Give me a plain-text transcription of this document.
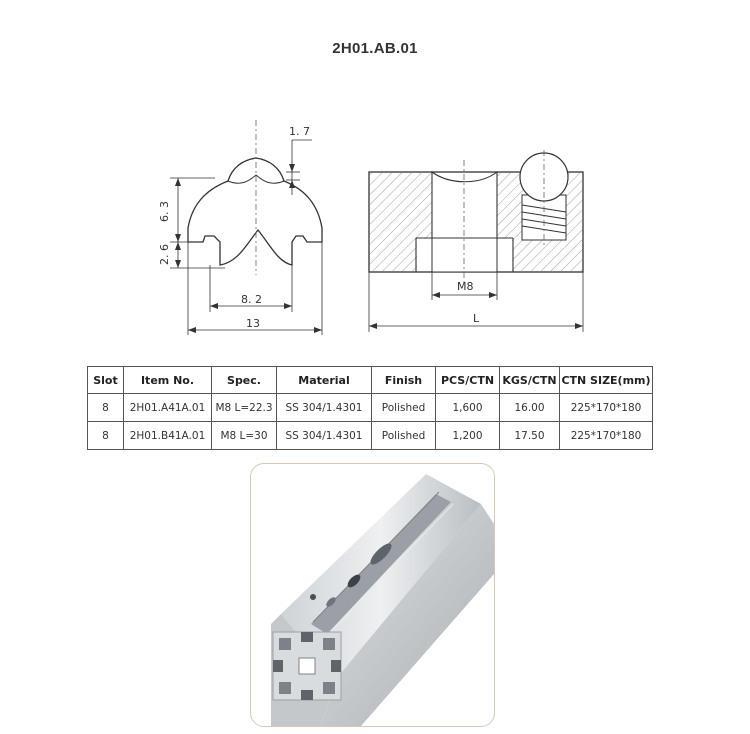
2H01.AB.01
1. 7
6. 3
2. 6
8. 2
13
M8
L
Slot	Item No.	Spec.	Material	Finish	PCS/CTN	KGS/CTN	CTN SIZE(mm)
8	2H01.A41A.01	M8 L=22.3	SS 304/1.4301	Polished	1,600	16.00	225*170*180
8	2H01.B41A.01	M8 L=30	SS 304/1.4301	Polished	1,200	17.50	225*170*180
